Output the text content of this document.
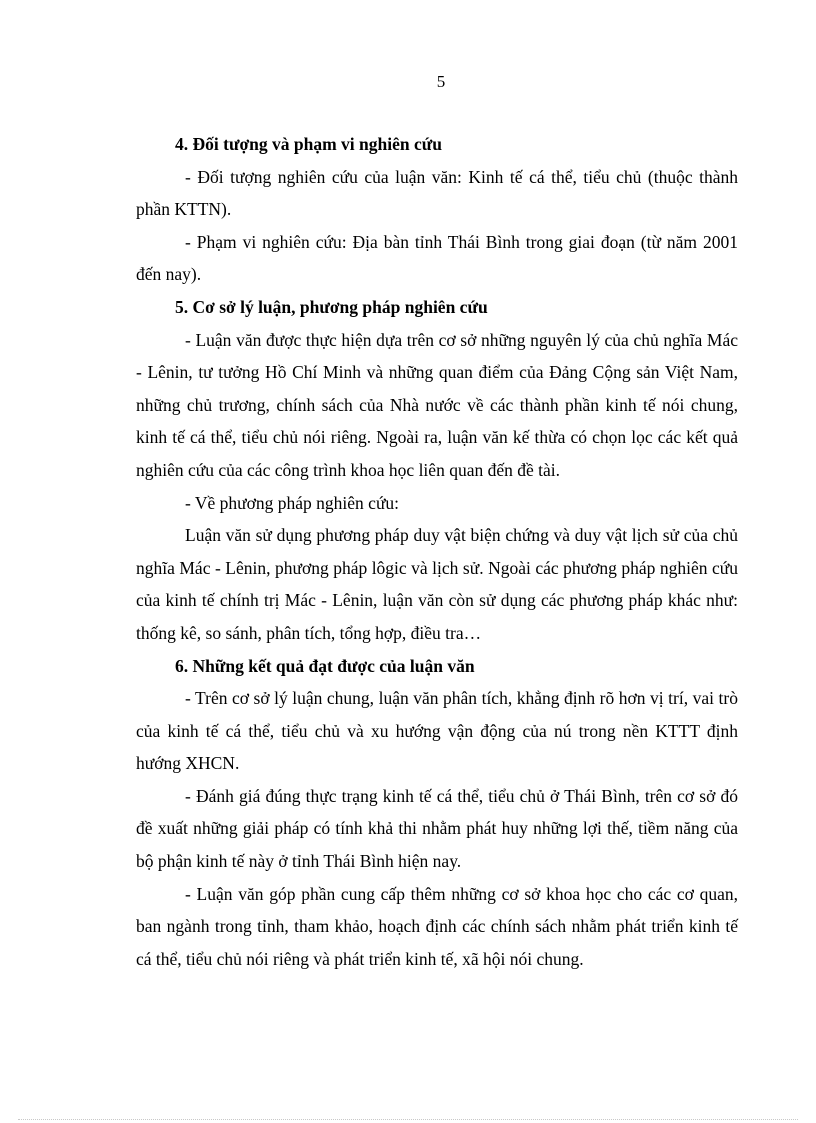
5

4. Đối tượng và phạm vi nghiên cứu

- Đối tượng nghiên cứu của luận văn: Kinh tế cá thể, tiểu chủ (thuộc thành phần KTTN).

- Phạm vi nghiên cứu: Địa bàn tỉnh Thái Bình trong giai đoạn (từ năm 2001 đến nay).

5. Cơ sở lý luận, phương pháp nghiên cứu

- Luận văn được thực hiện dựa trên cơ sở những nguyên lý của chủ nghĩa Mác - Lênin, tư tưởng Hồ Chí Minh và những quan điểm của Đảng Cộng sản Việt Nam, những chủ trương, chính sách của Nhà nước về các thành phần kinh tế nói chung, kinh tế cá thể, tiểu chủ nói riêng. Ngoài ra, luận văn kế thừa có chọn lọc các kết quả nghiên cứu của các công trình khoa học liên quan đến đề tài.

- Về phương pháp nghiên cứu:

Luận văn sử dụng phương pháp duy vật biện chứng và duy vật lịch sử của chủ nghĩa Mác - Lênin, phương pháp lôgic và lịch sử. Ngoài các phương pháp nghiên cứu của kinh tế chính trị Mác - Lênin, luận văn còn sử dụng các phương pháp khác như: thống kê, so sánh, phân tích, tổng hợp, điều tra…

6. Những kết quả đạt được của luận văn

- Trên cơ sở lý luận chung, luận văn phân tích, khẳng định rõ hơn vị trí, vai trò của kinh tế cá thể, tiểu chủ và xu hướng vận động của nú trong nền KTTT định hướng XHCN.

- Đánh giá đúng thực trạng kinh tế cá thể, tiểu chủ ở Thái Bình, trên cơ sở đó đề xuất những giải pháp có tính khả thi nhằm phát huy những lợi thế, tiềm năng của bộ phận kinh tế này ở tỉnh Thái Bình hiện nay.

- Luận văn góp phần cung cấp thêm những cơ sở khoa học cho các cơ quan, ban ngành trong tỉnh, tham khảo, hoạch định các chính sách nhằm phát triển kinh tế cá thể, tiểu chủ nói riêng và phát triển kinh tế, xã hội nói chung.
